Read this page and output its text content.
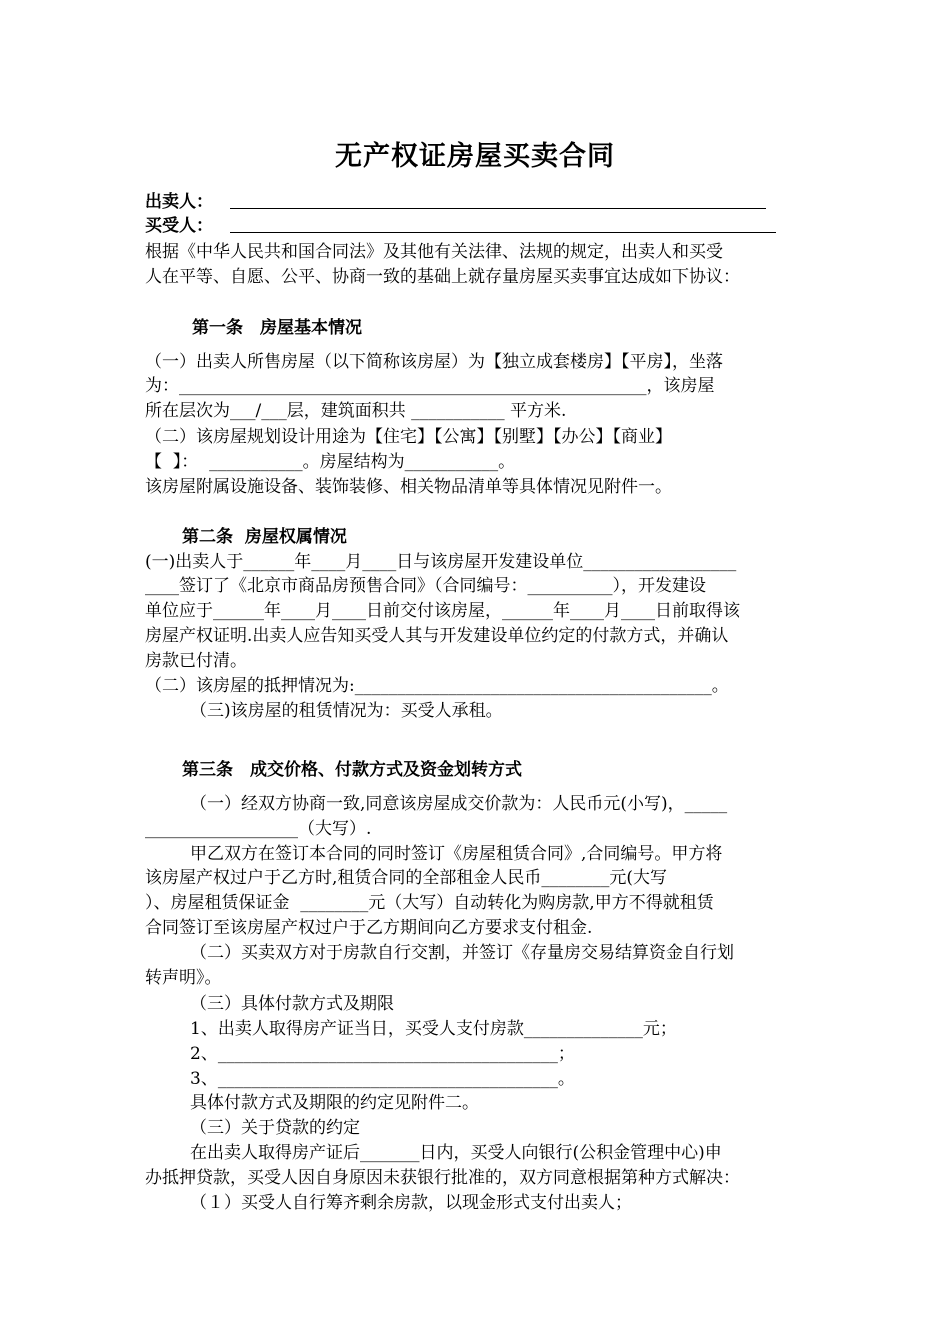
无产权证房屋买卖合同
出卖人：
买受人：
根据《中华人民共和国合同法》及其他有关法律、法规的规定，出卖人和买受
人在平等、自愿、公平、协商一致的基础上就存量房屋买卖事宜达成如下协议：
第一条　房屋基本情况
（一）出卖人所售房屋（以下简称该房屋）为【独立成套楼房】【平房】，坐落
为：_______________________________________________________，该房屋
所在层次为___/___层，建筑面积共 ___________ 平方米.
（二）该房屋规划设计用途为【住宅】【公寓】【别墅】【办公】【商业】
【  】：  ___________。房屋结构为___________。
该房屋附属设施设备、装饰装修、相关物品清单等具体情况见附件一。
第二条  房屋权属情况
(一)出卖人于______年____月____日与该房屋开发建设单位__________________
____签订了《北京市商品房预售合同》（合同编号：__________），开发建设
单位应于______年____月____日前交付该房屋，______年____月____日前取得该
房屋产权证明.出卖人应告知买受人其与开发建设单位约定的付款方式，并确认
房款已付清。
（二）该房屋的抵押情况为:__________________________________________。
（三)该房屋的租赁情况为：买受人承租。
第三条　成交价格、付款方式及资金划转方式
（一）经双方协商一致,同意该房屋成交价款为：人民币元(小写)，_____
__________________（大写）.
甲乙双方在签订本合同的同时签订《房屋租赁合同》,合同编号。甲方将
该房屋产权过户于乙方时,租赁合同的全部租金人民币________元(大写
）、房屋租赁保证金  ________元（大写）自动转化为购房款,甲方不得就租赁
合同签订至该房屋产权过户于乙方期间向乙方要求支付租金.
（二）买卖双方对于房款自行交割，并签订《存量房交易结算资金自行划
转声明》。
（三）具体付款方式及期限
1、出卖人取得房产证当日，买受人支付房款______________元；
2、________________________________________；
3、________________________________________。
具体付款方式及期限的约定见附件二。
（三）关于贷款的约定
在出卖人取得房产证后_______日内，买受人向银行(公积金管理中心)申
办抵押贷款，买受人因自身原因未获银行批准的，双方同意根据第种方式解决：
（１）买受人自行筹齐剩余房款，以现金形式支付出卖人；
